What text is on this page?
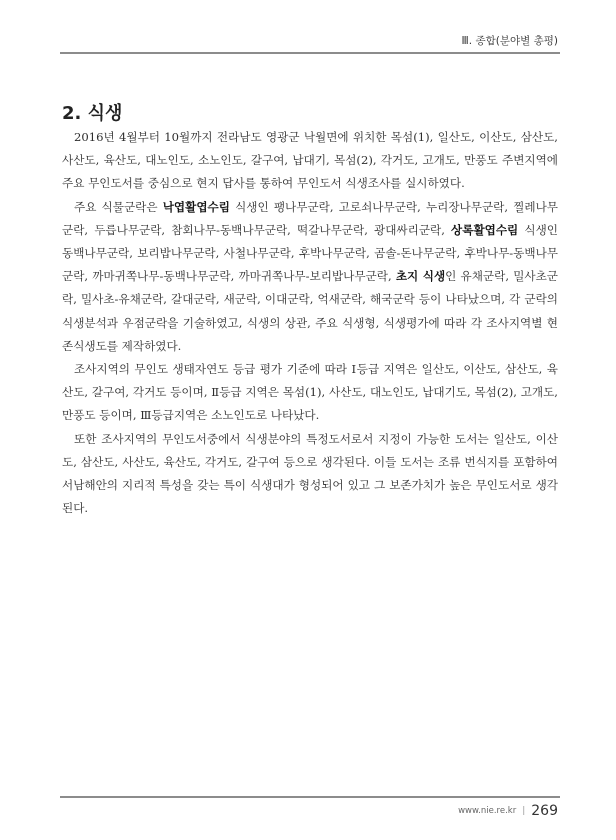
Ⅲ. 종합(분야별 총평)
2. 식생

2016년 4월부터 10월까지 전라남도 영광군 낙월면에 위치한 목섬(1), 일산도, 이산도, 삼산도, 사산도, 육산도, 대노인도, 소노인도, 갈구여, 납대기, 목섬(2), 각거도, 고개도, 만풍도 주변지역에 주요 무인도서를 중심으로 현지 답사를 통하여 무인도서 식생조사를 실시하였다.

주요 식물군락은 낙엽활엽수림 식생인 팽나무군락, 고로쇠나무군락, 누리장나무군락, 찔레나무군락, 두릅나무군락, 참회나무-동백나무군락, 떡갈나무군락, 광대싸리군락, 상록활엽수림 식생인 동백나무군락, 보리밥나무군락, 사철나무군락, 후박나무군락, 곰솔-돈나무군락, 후박나무-동백나무군락, 까마귀쪽나무-동백나무군락, 까마귀쪽나무-보리밥나무군락, 초지 식생인 유채군락, 밀사초군락, 밀사초-유채군락, 갈대군락, 새군락, 이대군락, 억새군락, 해국군락 등이 나타났으며, 각 군락의 식생분석과 우점군락을 기술하였고, 식생의 상관, 주요 식생형, 식생평가에 따라 각 조사지역별 현존식생도를 제작하였다.

조사지역의 무인도 생태자연도 등급 평가 기준에 따라 Ⅰ등급 지역은 일산도, 이산도, 삼산도, 육산도, 갈구여, 각거도 등이며, Ⅱ등급 지역은 목섬(1), 사산도, 대노인도, 납대기도, 목섬(2), 고개도, 만풍도 등이며, Ⅲ등급지역은 소노인도로 나타났다.

또한 조사지역의 무인도서중에서 식생분야의 특정도서로서 지정이 가능한 도서는 일산도, 이산도, 삼산도, 사산도, 육산도, 각거도, 갈구여 등으로 생각된다. 이들 도서는 조류 번식지를 포함하여 서남해안의 지리적 특성을 갖는 특이 식생대가 형성되어 있고 그 보존가치가 높은 무인도서로 생각된다.

www.nie.re.kr | 269
